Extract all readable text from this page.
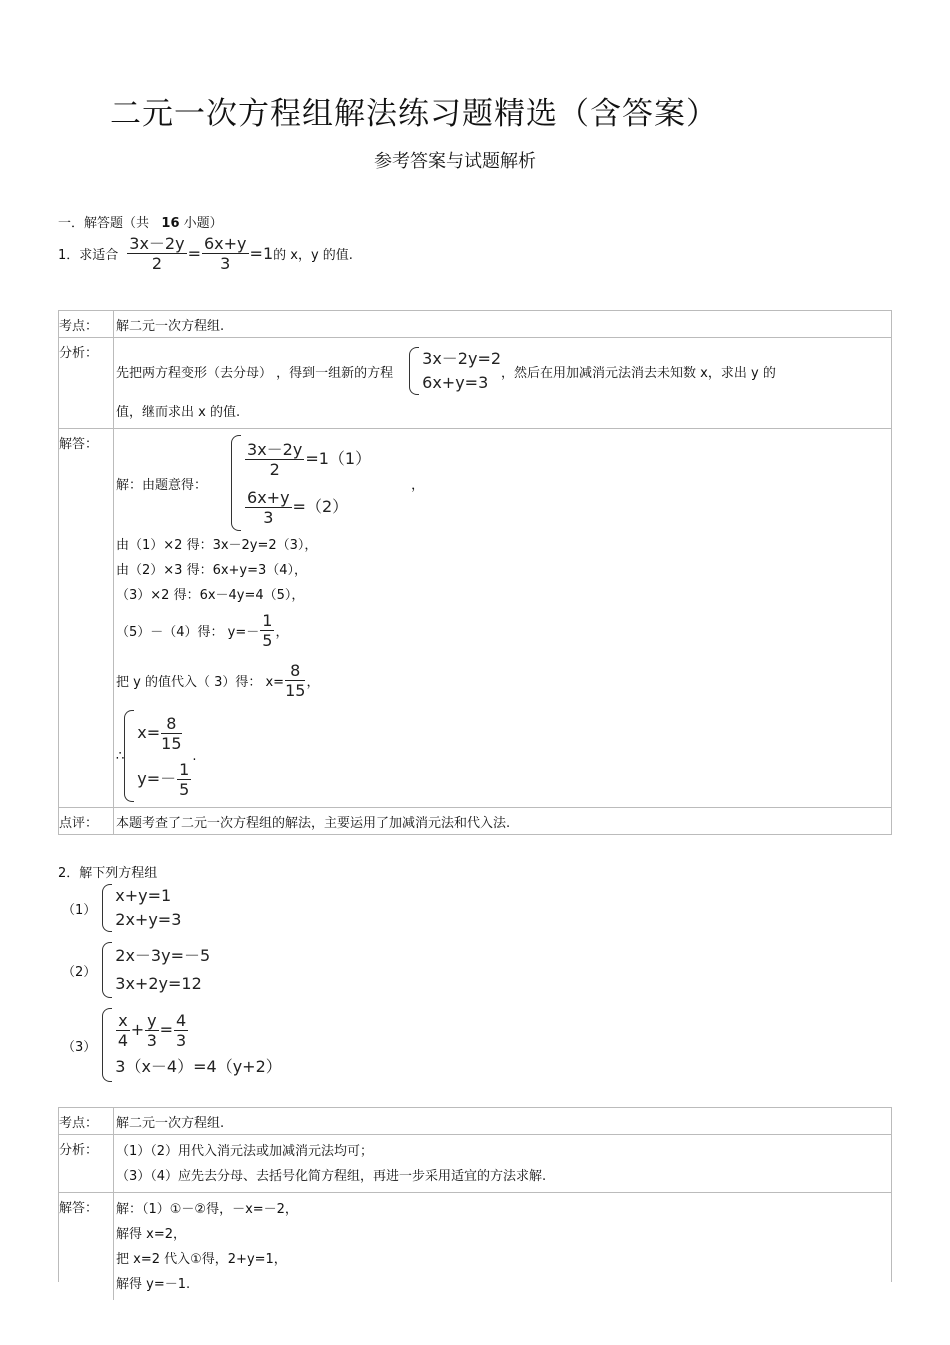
二元一次方程组解法练习题精选（含答案）
参考答案与试题解析
一．解答题（共 16 小题）
1．求适合 $\frac{3x-2y}{2} = \frac{6x+y}{3} =1$ 的 x，y 的值.
考点： 解二元一次方程组.
分析：
先把两方程变形（去分母） ，得到一组新的方程
3x－2y=2
6x+y=3 ，然后在用加减消元法消去未知数 x，求出 y 的
值，继而求出 x 的值.
解答：
解：由题意得：
$\frac{3x-2y}{2} =1(1)$
$\frac{6x+y}{3} =(2)$
，
由（1）×2 得：3x－2y=2（3），
由（2）×3 得：6x+y=3（4），
（3）×2 得：6x－4y=4（5），
（5）－（4）得： $y=- \frac{1}{5}$ ，
把 y 的值代入（ 3）得： $x= \frac{8}{15}$ ，
∴
$x= \frac{8}{15}$
$y=- \frac{1}{5}$
.
点评： 本题考查了二元一次方程组的解法，主要运用了加减消元法和代入法.
2．解下列方程组
（1）
x+y=1
2x+y=3
（2）
2x－3y=－5
3x+2y=12
$(3) \frac{x}{4} + \frac{y}{3} = \frac{4}{3}$
3（x－4）=4（y+2）
考点： 解二元一次方程组.
分析： （1）（2）用代入消元法或加减消元法均可；
（3）（4）应先去分母、去括号化简方程组，再进一步采用适宜的方法求解.
解答： 解：（1）①－②得，－x=－2，
解得 x=2，
把 x=2 代入①得，2+y=1，
解得 y=－1.
